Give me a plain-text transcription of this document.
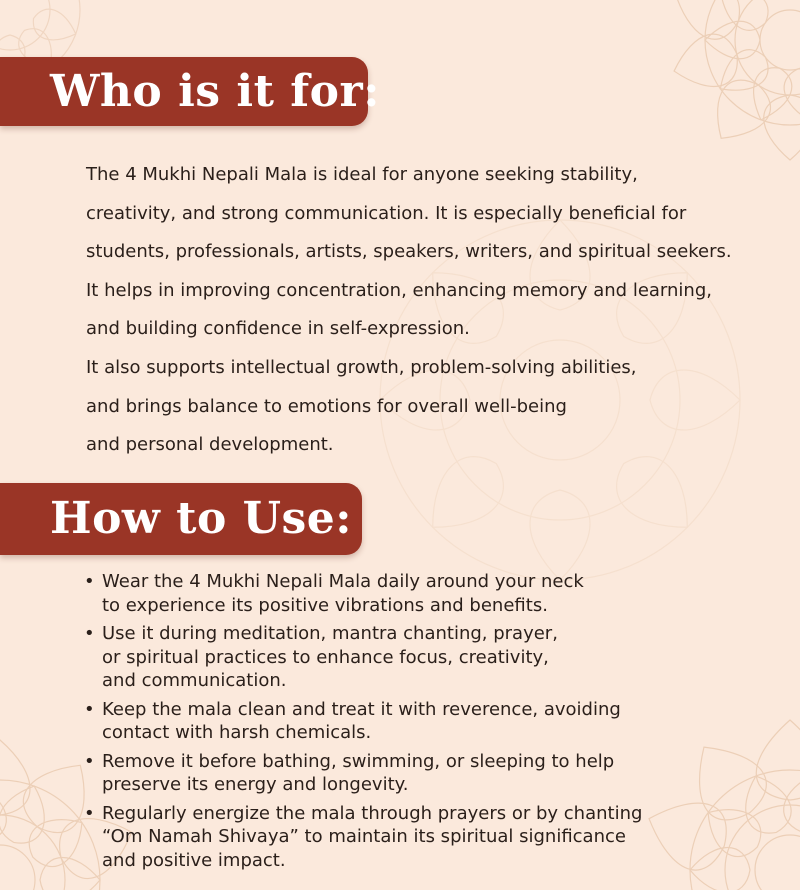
Who is it for:
The 4 Mukhi Nepali Mala is ideal for anyone seeking stability,
creativity, and strong communication. It is especially beneficial for
students, professionals, artists, speakers, writers, and spiritual seekers.
It helps in improving concentration, enhancing memory and learning,
and building confidence in self-expression.
It also supports intellectual growth, problem-solving abilities,
and brings balance to emotions for overall well-being
and personal development.
How to Use:
• Wear the 4 Mukhi Nepali Mala daily around your neck
to experience its positive vibrations and benefits.
• Use it during meditation, mantra chanting, prayer,
or spiritual practices to enhance focus, creativity,
and communication.
• Keep the mala clean and treat it with reverence, avoiding
contact with harsh chemicals.
• Remove it before bathing, swimming, or sleeping to help
preserve its energy and longevity.
• Regularly energize the mala through prayers or by chanting
“Om Namah Shivaya” to maintain its spiritual significance
and positive impact.
